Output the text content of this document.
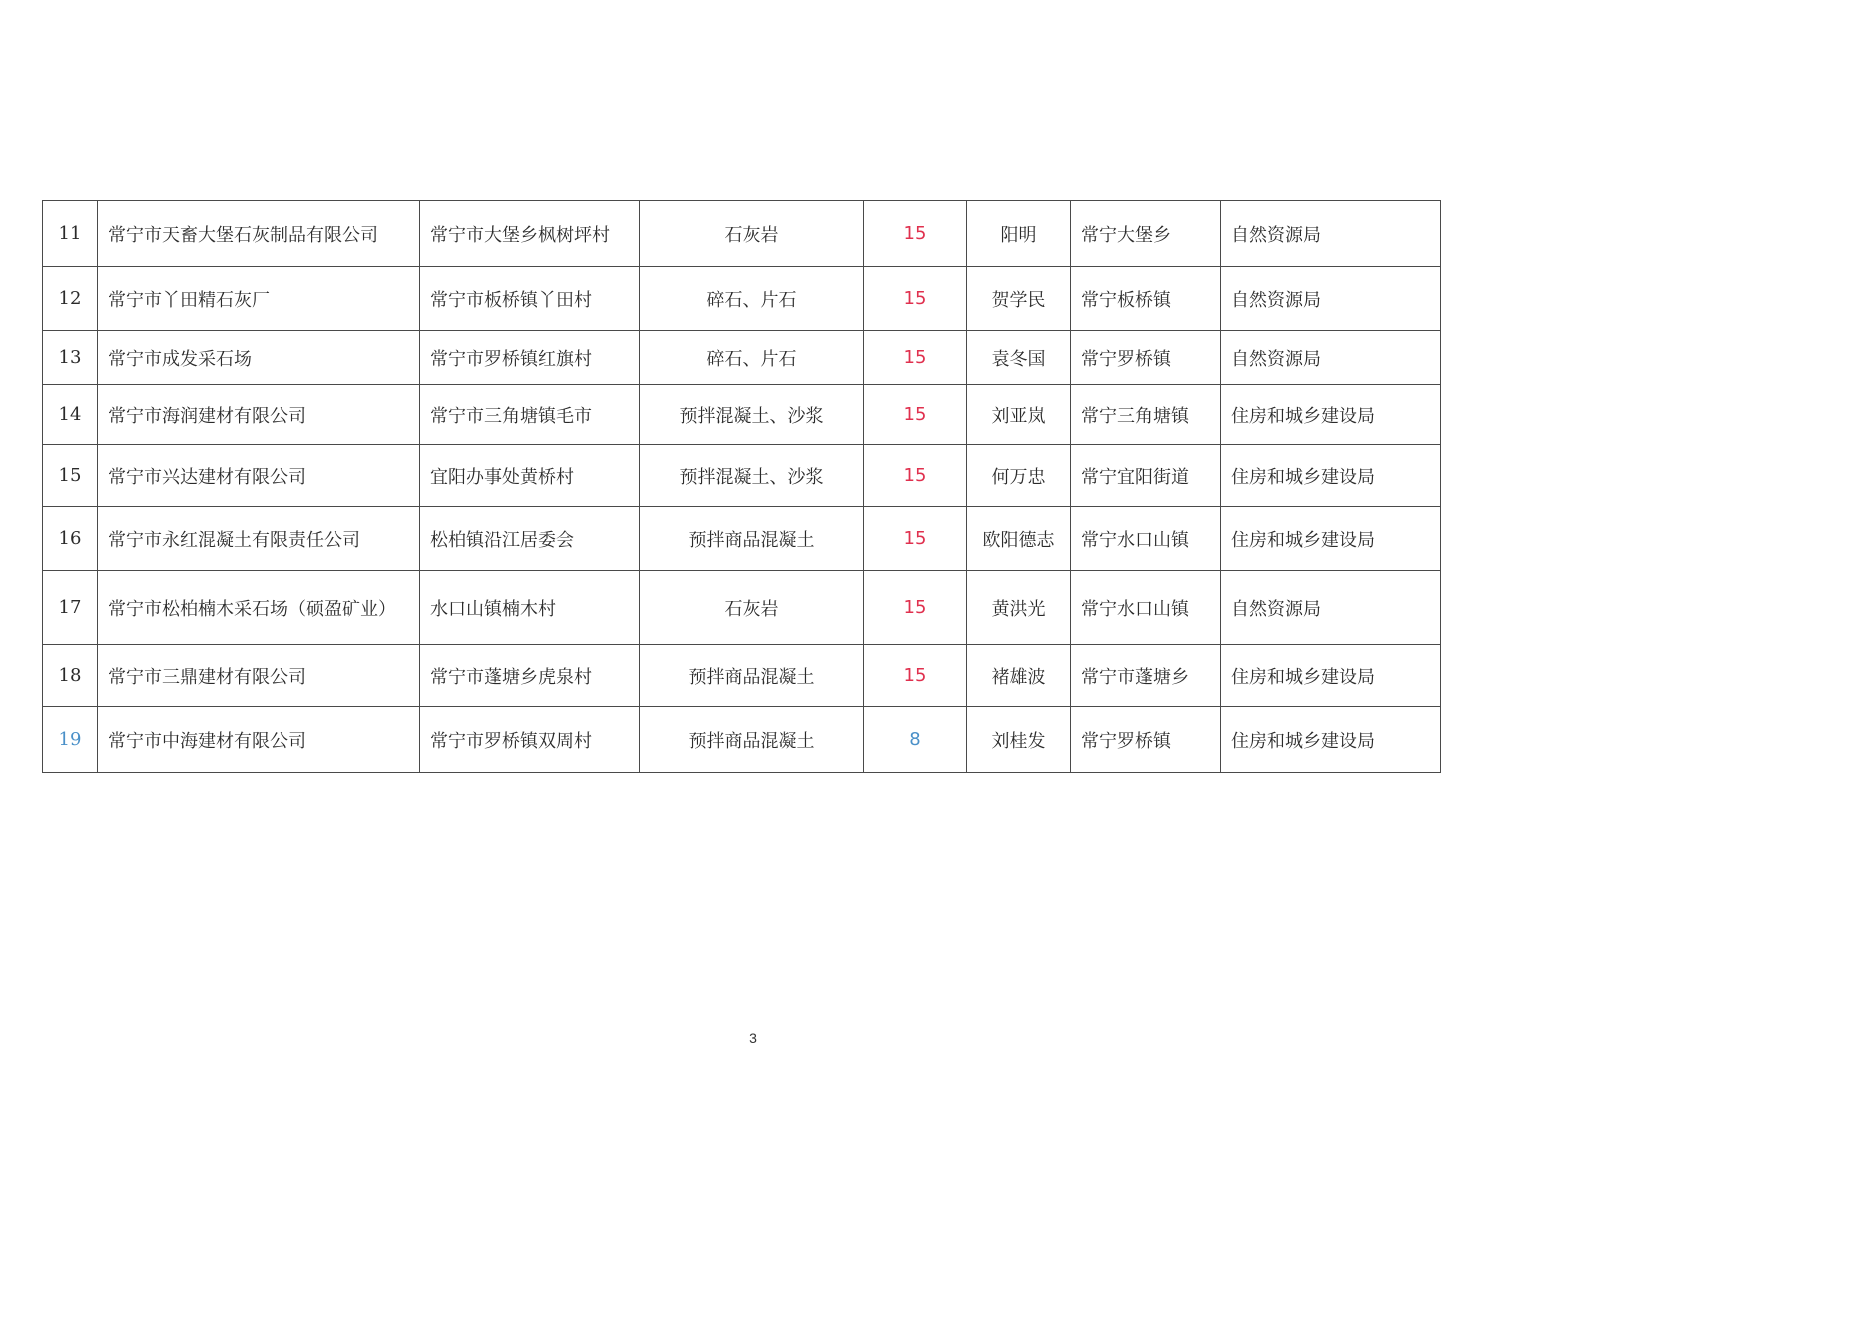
11	常宁市天畜大堡石灰制品有限公司	常宁市大堡乡枫树坪村	石灰岩	15	阳明	常宁大堡乡	自然资源局
12	常宁市丫田精石灰厂	常宁市板桥镇丫田村	碎石、片石	15	贺学民	常宁板桥镇	自然资源局
13	常宁市成发采石场	常宁市罗桥镇红旗村	碎石、片石	15	袁冬国	常宁罗桥镇	自然资源局
14	常宁市海润建材有限公司	常宁市三角塘镇毛市	预拌混凝土、沙浆	15	刘亚岚	常宁三角塘镇	住房和城乡建设局
15	常宁市兴达建材有限公司	宜阳办事处黄桥村	预拌混凝土、沙浆	15	何万忠	常宁宜阳街道	住房和城乡建设局
16	常宁市永红混凝土有限责任公司	松柏镇沿江居委会	预拌商品混凝土	15	欧阳德志	常宁水口山镇	住房和城乡建设局
17	常宁市松柏楠木采石场（硕盈矿业）	水口山镇楠木村	石灰岩	15	黄洪光	常宁水口山镇	自然资源局
18	常宁市三鼎建材有限公司	常宁市蓬塘乡虎泉村	预拌商品混凝土	15	褚雄波	常宁市蓬塘乡	住房和城乡建设局
19	常宁市中海建材有限公司	常宁市罗桥镇双周村	预拌商品混凝土	8	刘桂发	常宁罗桥镇	住房和城乡建设局
3
